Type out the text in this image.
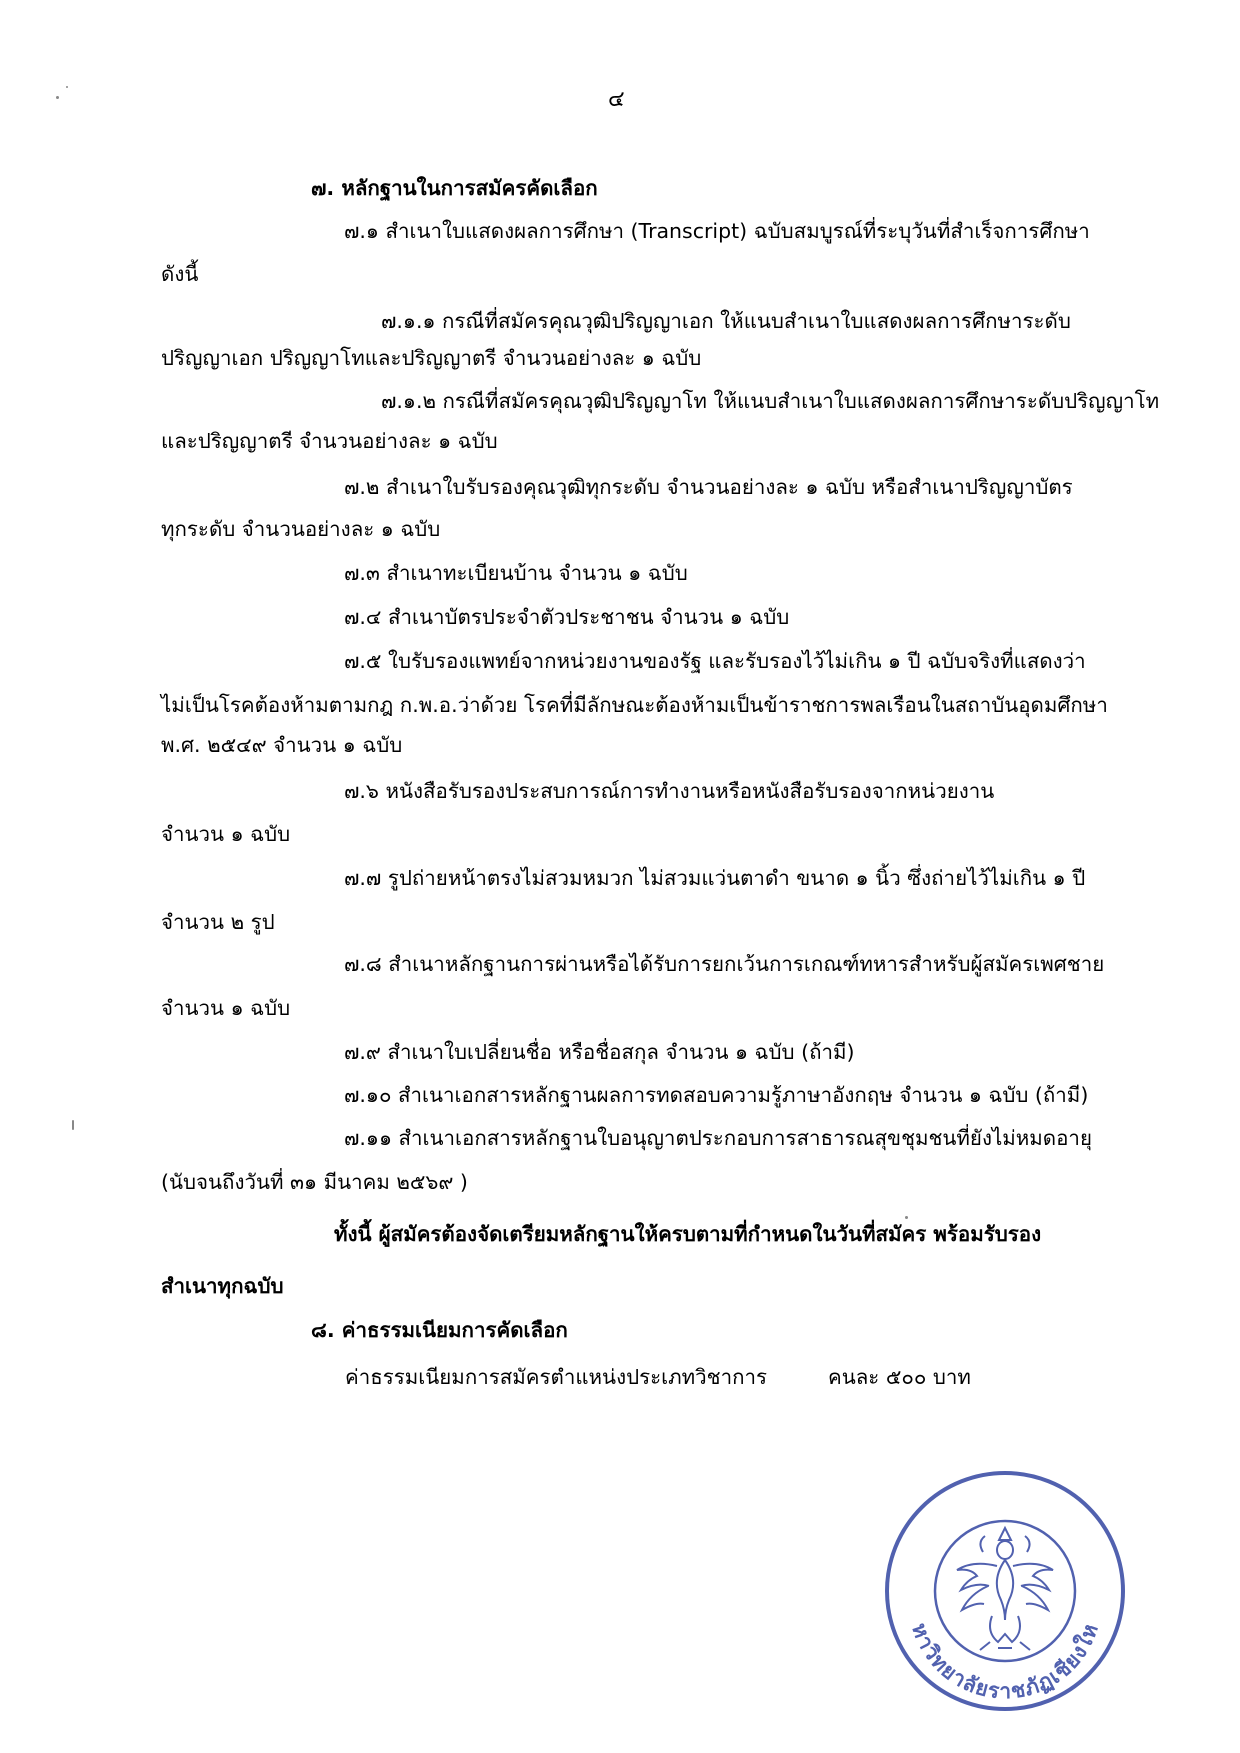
๔
๗. หลักฐานในการสมัครคัดเลือก
๗.๑ สำเนาใบแสดงผลการศึกษา (Transcript) ฉบับสมบูรณ์ที่ระบุวันที่สำเร็จการศึกษา
ดังนี้
๗.๑.๑ กรณีที่สมัครคุณวุฒิปริญญาเอก ให้แนบสำเนาใบแสดงผลการศึกษาระดับ
ปริญญาเอก ปริญญาโทและปริญญาตรี จำนวนอย่างละ ๑ ฉบับ
๗.๑.๒ กรณีที่สมัครคุณวุฒิปริญญาโท ให้แนบสำเนาใบแสดงผลการศึกษาระดับปริญญาโท
และปริญญาตรี จำนวนอย่างละ ๑ ฉบับ
๗.๒ สำเนาใบรับรองคุณวุฒิทุกระดับ จำนวนอย่างละ ๑ ฉบับ หรือสำเนาปริญญาบัตร
ทุกระดับ จำนวนอย่างละ ๑ ฉบับ
๗.๓ สำเนาทะเบียนบ้าน จำนวน ๑ ฉบับ
๗.๔ สำเนาบัตรประจำตัวประชาชน จำนวน ๑ ฉบับ
๗.๕ ใบรับรองแพทย์จากหน่วยงานของรัฐ และรับรองไว้ไม่เกิน ๑ ปี ฉบับจริงที่แสดงว่า
ไม่เป็นโรคต้องห้ามตามกฎ ก.พ.อ.ว่าด้วย โรคที่มีลักษณะต้องห้ามเป็นข้าราชการพลเรือนในสถาบันอุดมศึกษา
พ.ศ. ๒๕๔๙ จำนวน ๑ ฉบับ
๗.๖ หนังสือรับรองประสบการณ์การทำงานหรือหนังสือรับรองจากหน่วยงาน
จำนวน ๑ ฉบับ
๗.๗ รูปถ่ายหน้าตรงไม่สวมหมวก ไม่สวมแว่นตาดำ ขนาด ๑ นิ้ว ซึ่งถ่ายไว้ไม่เกิน ๑ ปี
จำนวน ๒ รูป
๗.๘ สำเนาหลักฐานการผ่านหรือได้รับการยกเว้นการเกณฑ์ทหารสำหรับผู้สมัครเพศชาย
จำนวน ๑ ฉบับ
๗.๙ สำเนาใบเปลี่ยนชื่อ หรือชื่อสกุล จำนวน ๑ ฉบับ (ถ้ามี)
๗.๑๐ สำเนาเอกสารหลักฐานผลการทดสอบความรู้ภาษาอังกฤษ จำนวน ๑ ฉบับ (ถ้ามี)
๗.๑๑ สำเนาเอกสารหลักฐานใบอนุญาตประกอบการสาธารณสุขชุมชนที่ยังไม่หมดอายุ
(นับจนถึงวันที่ ๓๑ มีนาคม ๒๕๖๙ )
ทั้งนี้ ผู้สมัครต้องจัดเตรียมหลักฐานให้ครบตามที่กำหนดในวันที่สมัคร พร้อมรับรอง
สำเนาทุกฉบับ
๘. ค่าธรรมเนียมการคัดเลือก
ค่าธรรมเนียมการสมัครตำแหน่งประเภทวิชาการ	คนละ ๕๐๐ บาท
หาวิทยาลัยราชภัฏเชียงให
